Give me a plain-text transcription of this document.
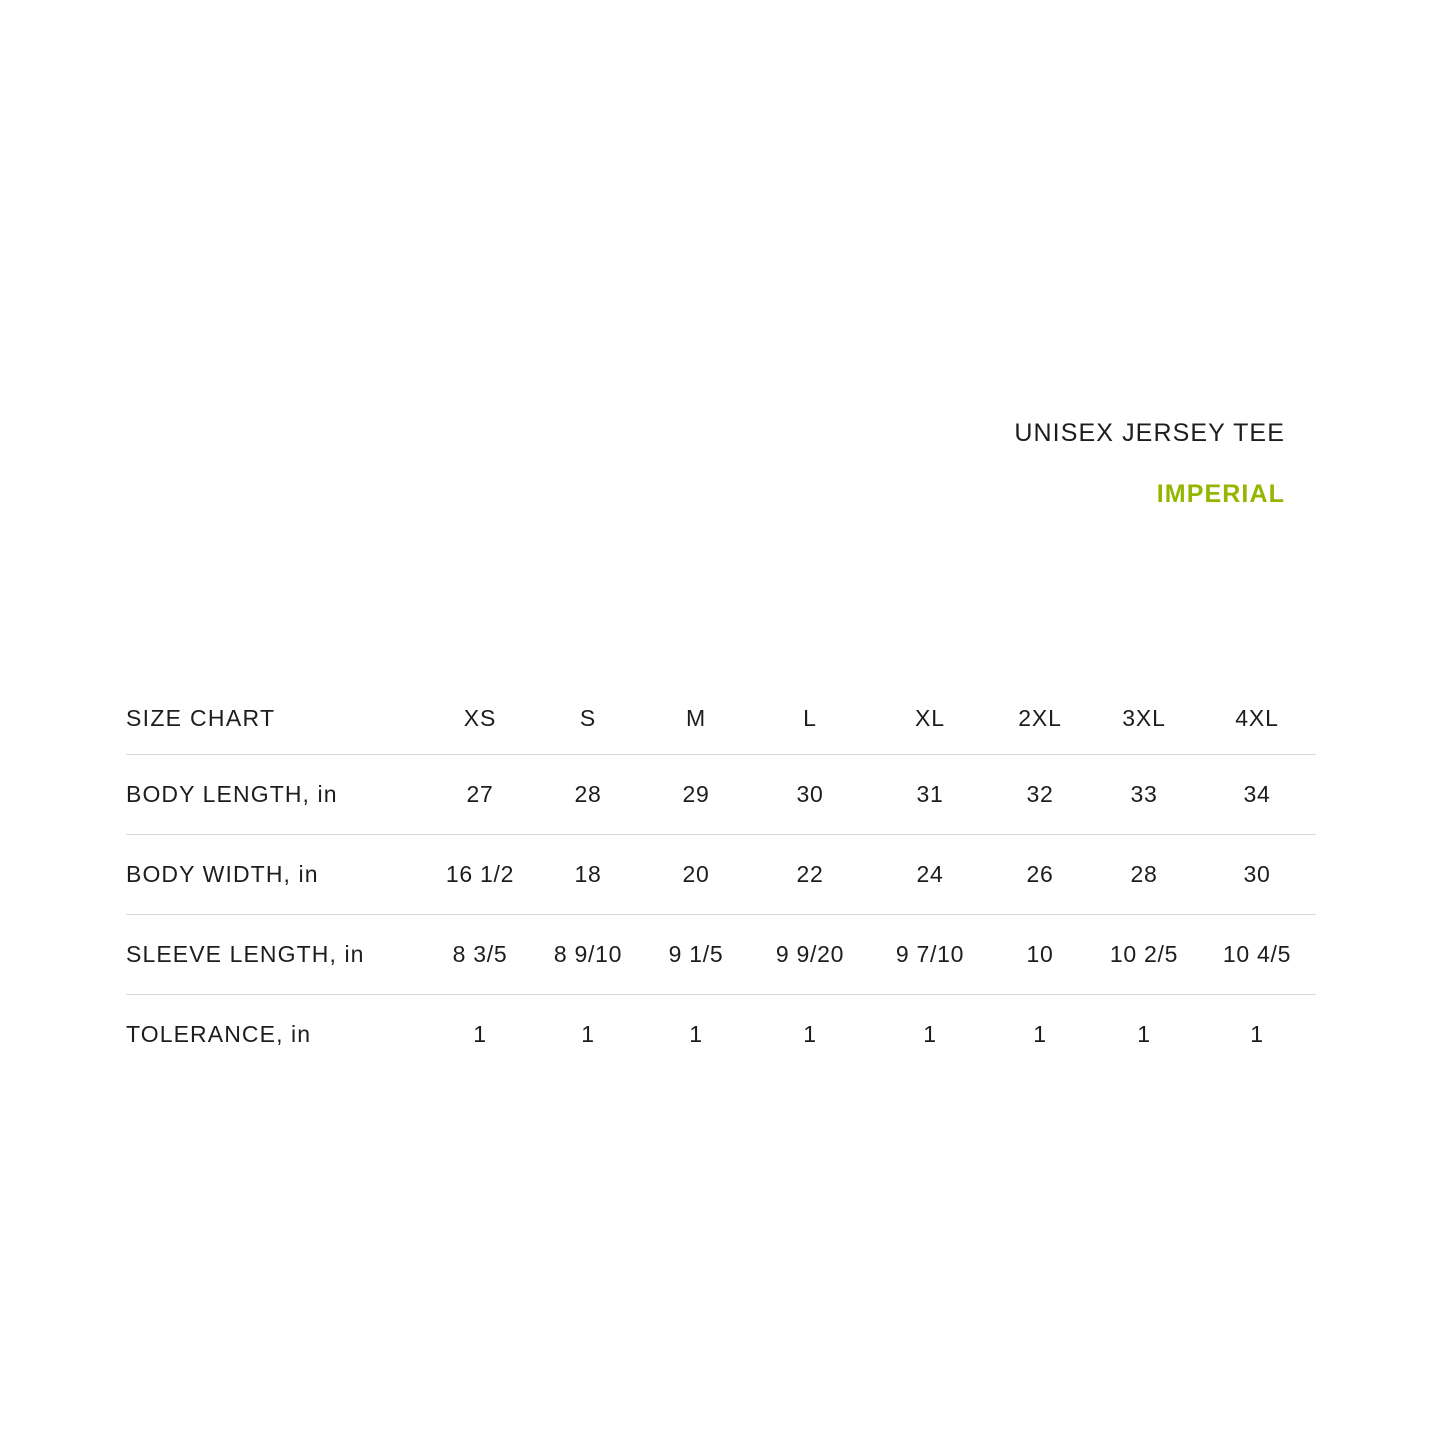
UNISEX JERSEY TEE
IMPERIAL
SIZE CHART	XS	S	M	L	XL	2XL	3XL	4XL
BODY LENGTH, in	27	28	29	30	31	32	33	34
BODY WIDTH, in	16 1/2	18	20	22	24	26	28	30
SLEEVE LENGTH, in	8 3/5	8 9/10	9 1/5	9 9/20	9 7/10	10	10 2/5	10 4/5
TOLERANCE, in	1	1	1	1	1	1	1	1
